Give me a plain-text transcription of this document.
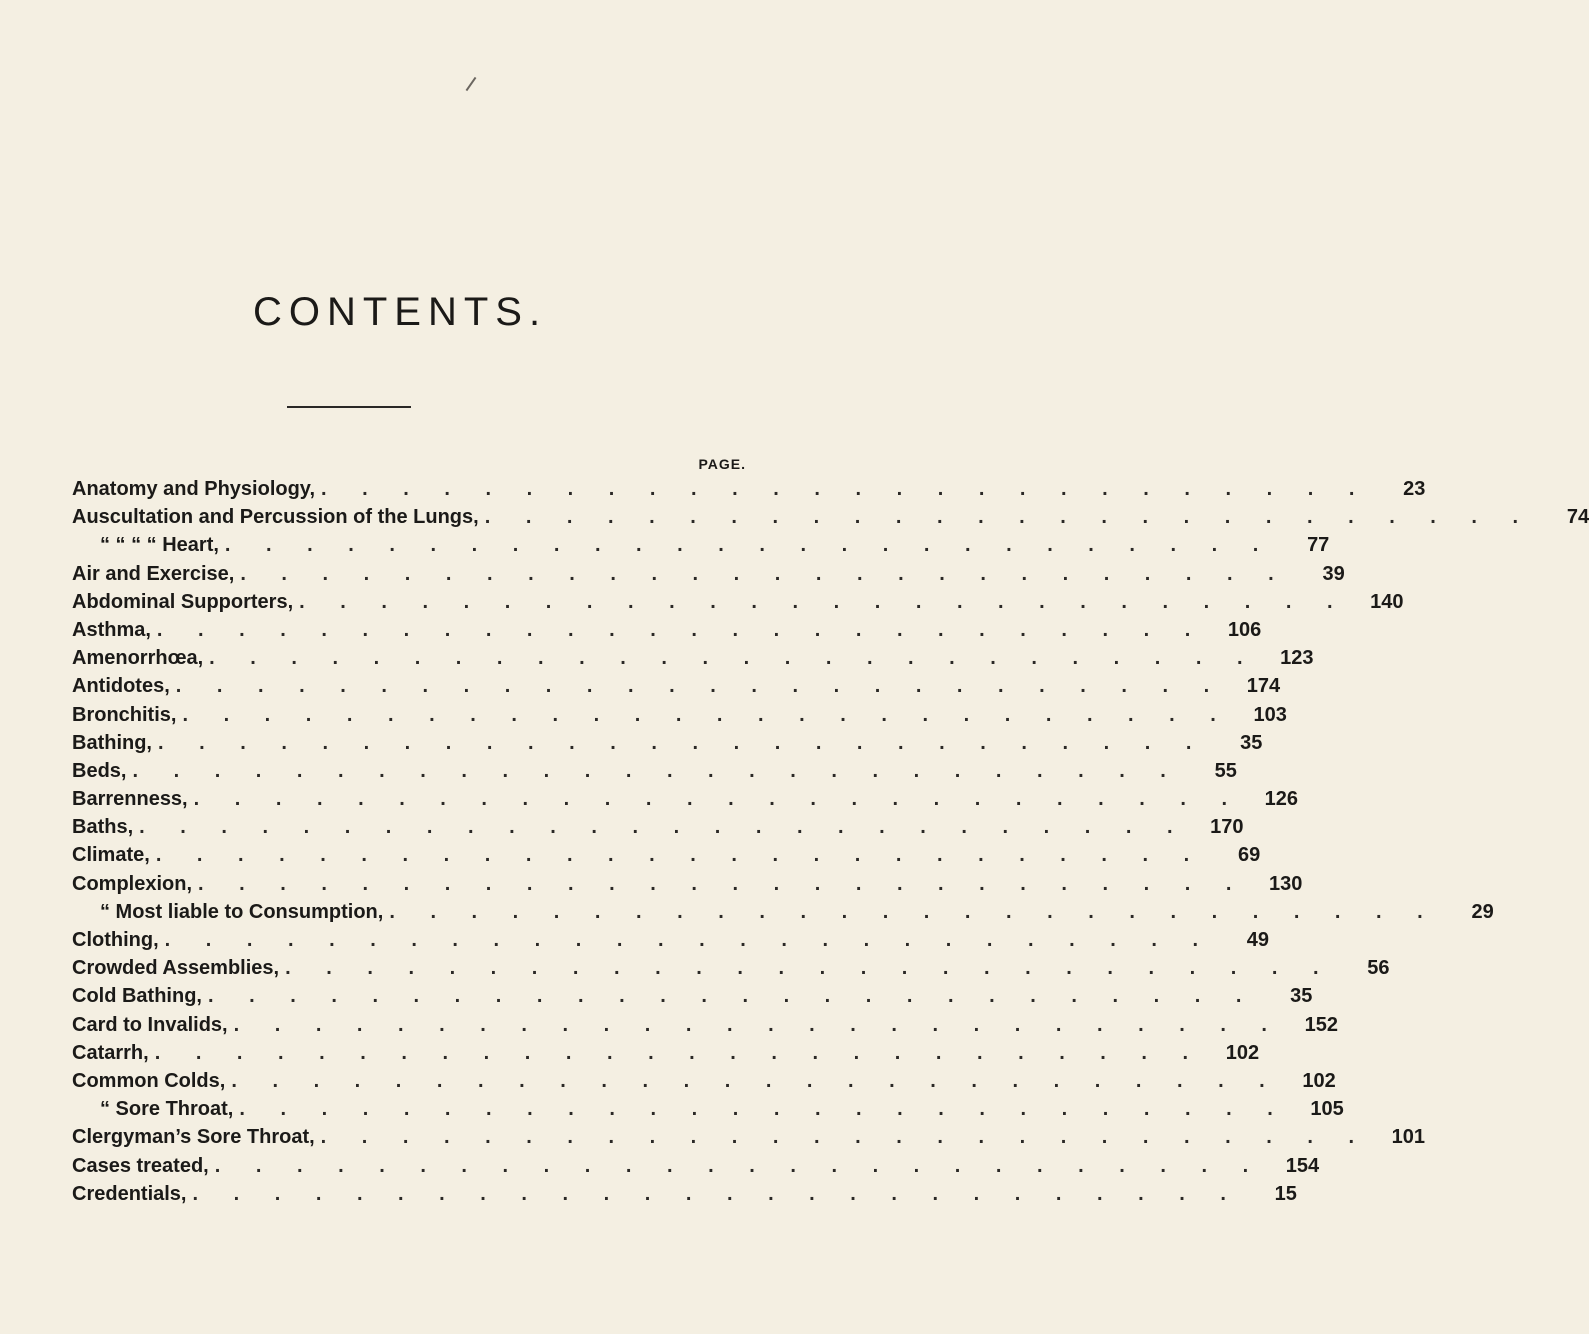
CONTENTS.
PAGE.
Anatomy and Physiology, . . . . . . . . . . . . . . . . . . . . . . . . . .	23
Auscultation and Percussion of the Lungs, . . . . . . . . . . . . . . . . . . . . . . . . . .	74
“ “ “ “ Heart, . . . . . . . . . . . . . . . . . . . . . . . . . .	77
Air and Exercise, . . . . . . . . . . . . . . . . . . . . . . . . . .	39
Abdominal Supporters, . . . . . . . . . . . . . . . . . . . . . . . . . .	140
Asthma, . . . . . . . . . . . . . . . . . . . . . . . . . .	106
Amenorrhœa, . . . . . . . . . . . . . . . . . . . . . . . . . .	123
Antidotes, . . . . . . . . . . . . . . . . . . . . . . . . . .	174
Bronchitis, . . . . . . . . . . . . . . . . . . . . . . . . . .	103
Bathing, . . . . . . . . . . . . . . . . . . . . . . . . . .	35
Beds, . . . . . . . . . . . . . . . . . . . . . . . . . .	55
Barrenness, . . . . . . . . . . . . . . . . . . . . . . . . . .	126
Baths, . . . . . . . . . . . . . . . . . . . . . . . . . .	170
Climate, . . . . . . . . . . . . . . . . . . . . . . . . . .	69
Complexion, . . . . . . . . . . . . . . . . . . . . . . . . . .	130
“ Most liable to Consumption, . . . . . . . . . . . . . . . . . . . . . . . . . .	29
Clothing, . . . . . . . . . . . . . . . . . . . . . . . . . .	49
Crowded Assemblies, . . . . . . . . . . . . . . . . . . . . . . . . . .	56
Cold Bathing, . . . . . . . . . . . . . . . . . . . . . . . . . .	35
Card to Invalids, . . . . . . . . . . . . . . . . . . . . . . . . . .	152
Catarrh, . . . . . . . . . . . . . . . . . . . . . . . . . .	102
Common Colds, . . . . . . . . . . . . . . . . . . . . . . . . . .	102
“ Sore Throat, . . . . . . . . . . . . . . . . . . . . . . . . . .	105
Clergyman’s Sore Throat, . . . . . . . . . . . . . . . . . . . . . . . . . .	101
Cases treated, . . . . . . . . . . . . . . . . . . . . . . . . . .	154
Credentials, . . . . . . . . . . . . . . . . . . . . . . . . . .	15
